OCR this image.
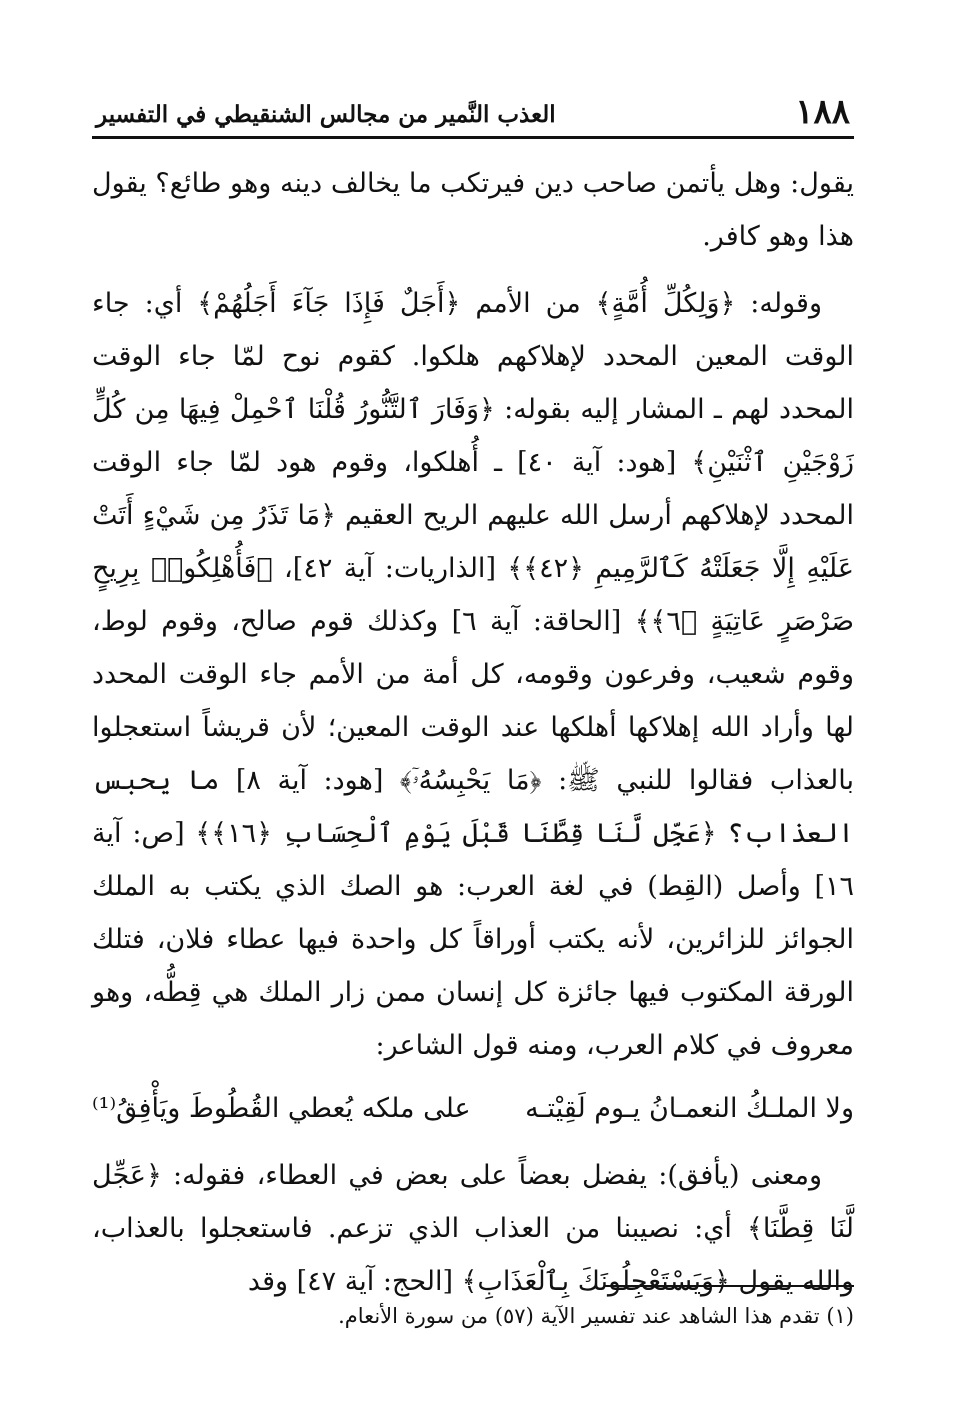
١٨٨
العذب النَّمير من مجالس الشنقيطي في التفسير

يقول: وهل يأتمن صاحب دين فيرتكب ما يخالف دينه وهو طائع؟ يقول هذا وهو كافر.

وقوله: ﴿وَلِكُلِّ أُمَّةٍ﴾ من الأمم ﴿أَجَلٌ فَإِذَا جَآءَ أَجَلُهُمْ﴾ أي: جاء الوقت المعين المحدد لإهلاكهم هلكوا. كقوم نوح لمّا جاء الوقت المحدد لهم ـ المشار إليه بقوله: ﴿وَفَارَ ٱلتَّنُّورُ قُلْنَا ٱحْمِلْ فِيهَا مِن كُلٍّ زَوْجَيْنِ ٱثْنَيْنِ﴾ [هود: آية ٤٠] ـ أُهلكوا، وقوم هود لمّا جاء الوقت المحدد لإهلاكهم أرسل الله عليهم الريح العقيم ﴿مَا تَذَرُ مِن شَيْءٍ أَتَتْ عَلَيْهِ إِلَّا جَعَلَتْهُ كَٱلرَّمِيمِ ﴿٤٢﴾﴾ [الذاريات: آية ٤٢]، ﴿فَأُهْلِكُوا۟ بِرِيحٍ صَرْصَرٍ عَاتِيَةٍ ﴿٦﴾﴾ [الحاقة: آية ٦] وكذلك قوم صالح، وقوم لوط، وقوم شعيب، وفرعون وقومه، كل أمة من الأمم جاء الوقت المحدد لها وأراد الله إهلاكها أهلكها عند الوقت المعين؛ لأن قريشاً استعجلوا بالعذاب فقالوا للنبي ﷺ: ﴿مَا يَحْبِسُهُۥٓ﴾ [هود: آية ٨] ما يحبس العذاب؟ ﴿عَجِّل لَّنَا قِطَّنَا قَبْلَ يَوْمِ ٱلْحِسَابِ ﴿١٦﴾﴾ [ص: آية ١٦] وأصل (القِط) في لغة العرب: هو الصك الذي يكتب به الملك الجوائز للزائرين، لأنه يكتب أوراقاً كل واحدة فيها عطاء فلان، فتلك الورقة المكتوب فيها جائزة كل إنسان ممن زار الملك هي قِطُّه، وهو معروف في كلام العرب، ومنه قول الشاعر:

ولا الملـكُ النعمـانُ يـوم لَقِيْتـه
على ملكه يُعطي القُطُوطَ ويَأْفِقُ⁽¹⁾

ومعنى (يأفق): يفضل بعضاً على بعض في العطاء، فقوله: ﴿عَجِّل لَّنَا قِطَّنَا﴾ أي: نصيبنا من العذاب الذي تزعم. فاستعجلوا بالعذاب، والله يقول ﴿وَيَسْتَعْجِلُونَكَ بِٱلْعَذَابِ﴾ [الحج: آية ٤٧] وقد

(١) تقدم هذا الشاهد عند تفسير الآية (٥٧) من سورة الأنعام.
